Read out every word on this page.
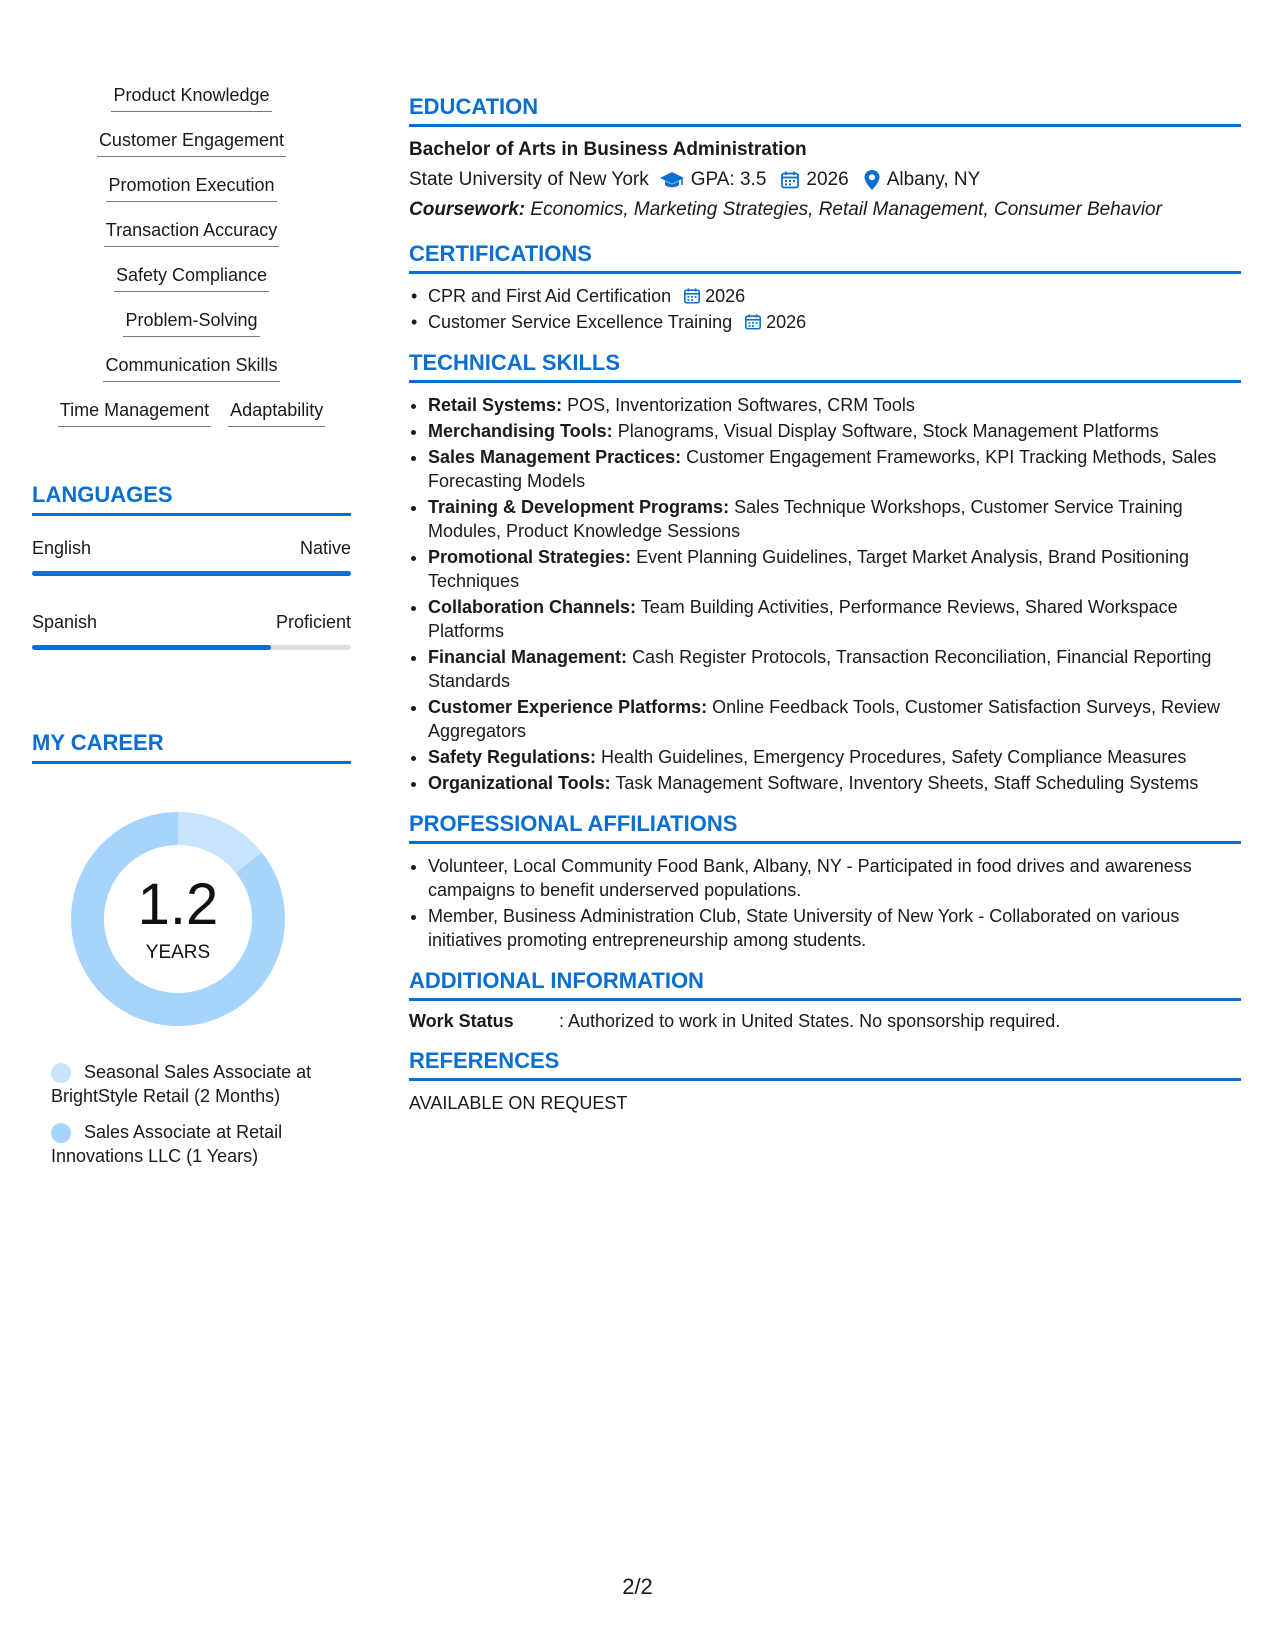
Product Knowledge
Customer Engagement
Promotion Execution
Transaction Accuracy
Safety Compliance
Problem-Solving
Communication Skills
Time Management Adaptability
LANGUAGES
English	Native
Spanish	Proficient
MY CAREER
1.2
YEARS
Seasonal Sales Associate at BrightStyle Retail (2 Months)
Sales Associate at Retail Innovations LLC (1 Years)
EDUCATION
Bachelor of Arts in Business Administration
State University of New York GPA: 3.5 2026 Albany, NY
Coursework: Economics, Marketing Strategies, Retail Management, Consumer Behavior
CERTIFICATIONS
• CPR and First Aid Certification 2026
• Customer Service Excellence Training 2026
TECHNICAL SKILLS
• Retail Systems: POS, Inventorization Softwares, CRM Tools
• Merchandising Tools: Planograms, Visual Display Software, Stock Management Platforms
• Sales Management Practices: Customer Engagement Frameworks, KPI Tracking Methods, Sales Forecasting Models
• Training & Development Programs: Sales Technique Workshops, Customer Service Training Modules, Product Knowledge Sessions
• Promotional Strategies: Event Planning Guidelines, Target Market Analysis, Brand Positioning Techniques
• Collaboration Channels: Team Building Activities, Performance Reviews, Shared Workspace Platforms
• Financial Management: Cash Register Protocols, Transaction Reconciliation, Financial Reporting Standards
• Customer Experience Platforms: Online Feedback Tools, Customer Satisfaction Surveys, Review Aggregators
• Safety Regulations: Health Guidelines, Emergency Procedures, Safety Compliance Measures
• Organizational Tools: Task Management Software, Inventory Sheets, Staff Scheduling Systems
PROFESSIONAL AFFILIATIONS
• Volunteer, Local Community Food Bank, Albany, NY - Participated in food drives and awareness campaigns to benefit underserved populations.
• Member, Business Administration Club, State University of New York - Collaborated on various initiatives promoting entrepreneurship among students.
ADDITIONAL INFORMATION
Work Status	: Authorized to work in United States. No sponsorship required.
REFERENCES
AVAILABLE ON REQUEST
2/2
